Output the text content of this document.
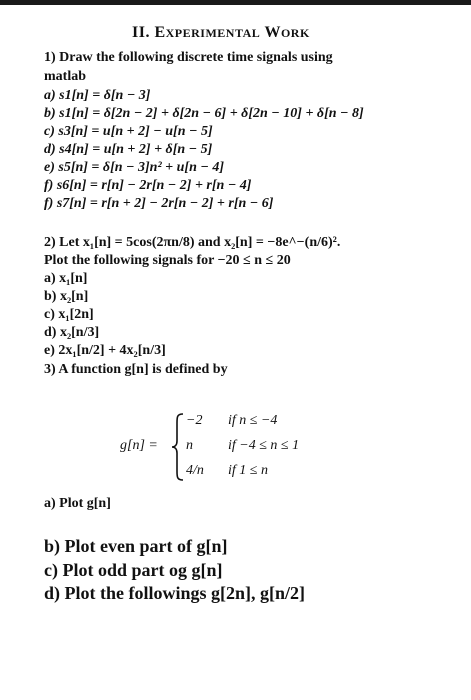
II. EXPERIMENTAL WORK
1) Draw the following discrete time signals using
matlab
a) s1[n] = δ[n − 3]
b) s1[n] = δ[2n − 2] + δ[2n − 6] + δ[2n − 10] + δ[n − 8]
c) s3[n] = u[n + 2] − u[n − 5]
d) s4[n] = u[n + 2] + δ[n − 5]
e) s5[n] = δ[n − 3]n² + u[n − 4]
f) s6[n] = r[n] − 2r[n − 2] + r[n − 4]
f) s7[n] = r[n + 2] − 2r[n − 2] + r[n − 6]
2) Let x₁[n] = 5cos(2πn/8) and x₂[n] = −8e^−(n/6)².
Plot the following signals for −20 ≤ n ≤ 20
a) x₁[n]
b) x₂[n]
c) x₁[2n]
d) x₂[n/3]
e) 2x₁[n/2] + 4x₂[n/3]
3) A function g[n] is defined by
g[n] =
−2 if n ≤ −4
n	if −4 ≤ n ≤ 1
4/n if 1 ≤ n
a) Plot g[n]
b) Plot even part of g[n]
c) Plot odd part og g[n]
d) Plot the followings g[2n], g[n/2]
